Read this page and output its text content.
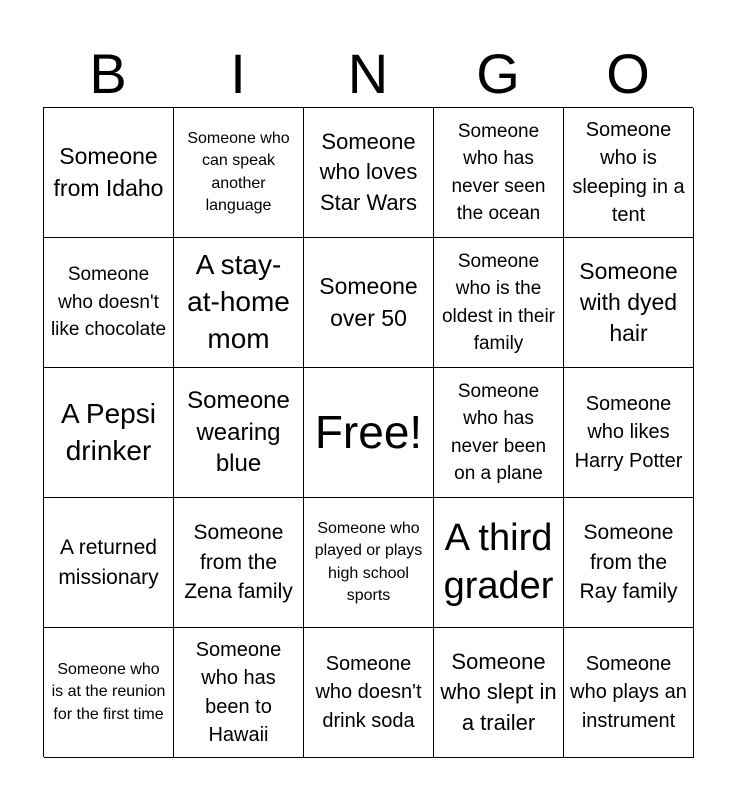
B	I	N	G	O
Someone from Idaho
Someone who can speak another language
Someone who loves Star Wars
Someone who has never seen the ocean
Someone who is sleeping in a tent
Someone who doesn't like chocolate
A stay-at-home mom
Someone over 50
Someone who is the oldest in their family
Someone with dyed hair
A Pepsi drinker
Someone wearing blue
Free!
Someone who has never been on a plane
Someone who likes Harry Potter
A returned missionary
Someone from the Zena family
Someone who played or plays high school sports
A third grader
Someone from the Ray family
Someone who is at the reunion for the first time
Someone who has been to Hawaii
Someone who doesn't drink soda
Someone who slept in a trailer
Someone who plays an instrument
